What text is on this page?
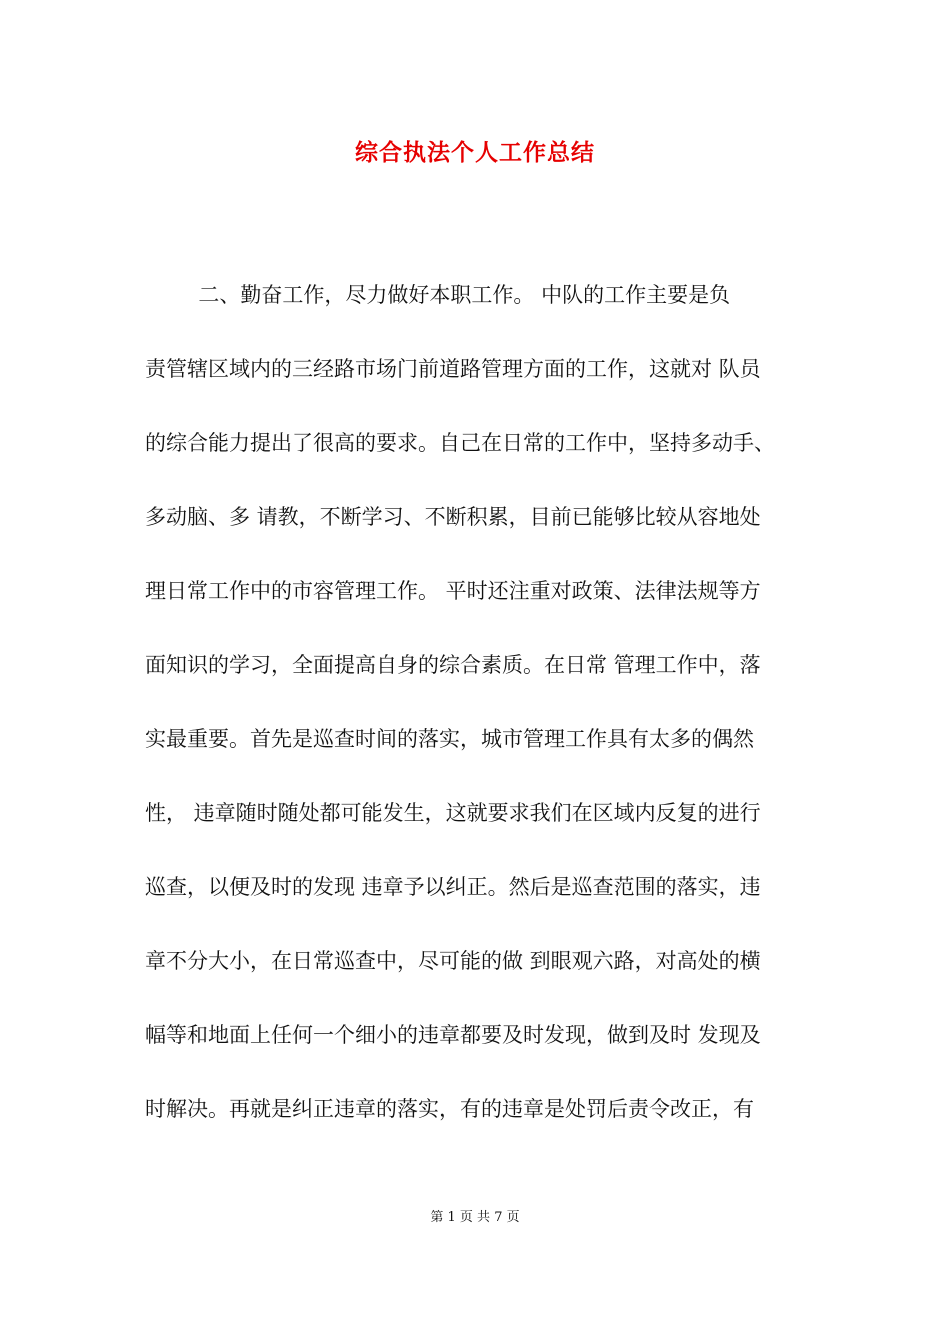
综合执法个人工作总结
二、勤奋工作，尽力做好本职工作。 中队的工作主要是负
责管辖区域内的三经路市场门前道路管理方面的工作，这就对 队员
的综合能力提出了很高的要求。自己在日常的工作中，坚持多动手、
多动脑、多 请教，不断学习、不断积累，目前已能够比较从容地处
理日常工作中的市容管理工作。 平时还注重对政策、法律法规等方
面知识的学习，全面提高自身的综合素质。在日常 管理工作中，落
实最重要。首先是巡查时间的落实，城市管理工作具有太多的偶然
性， 违章随时随处都可能发生，这就要求我们在区域内反复的进行
巡查，以便及时的发现 违章予以纠正。然后是巡查范围的落实，违
章不分大小，在日常巡查中，尽可能的做 到眼观六路，对高处的横
幅等和地面上任何一个细小的违章都要及时发现，做到及时 发现及
时解决。再就是纠正违章的落实，有的违章是处罚后责令改正，有
第 1 页 共 7 页
